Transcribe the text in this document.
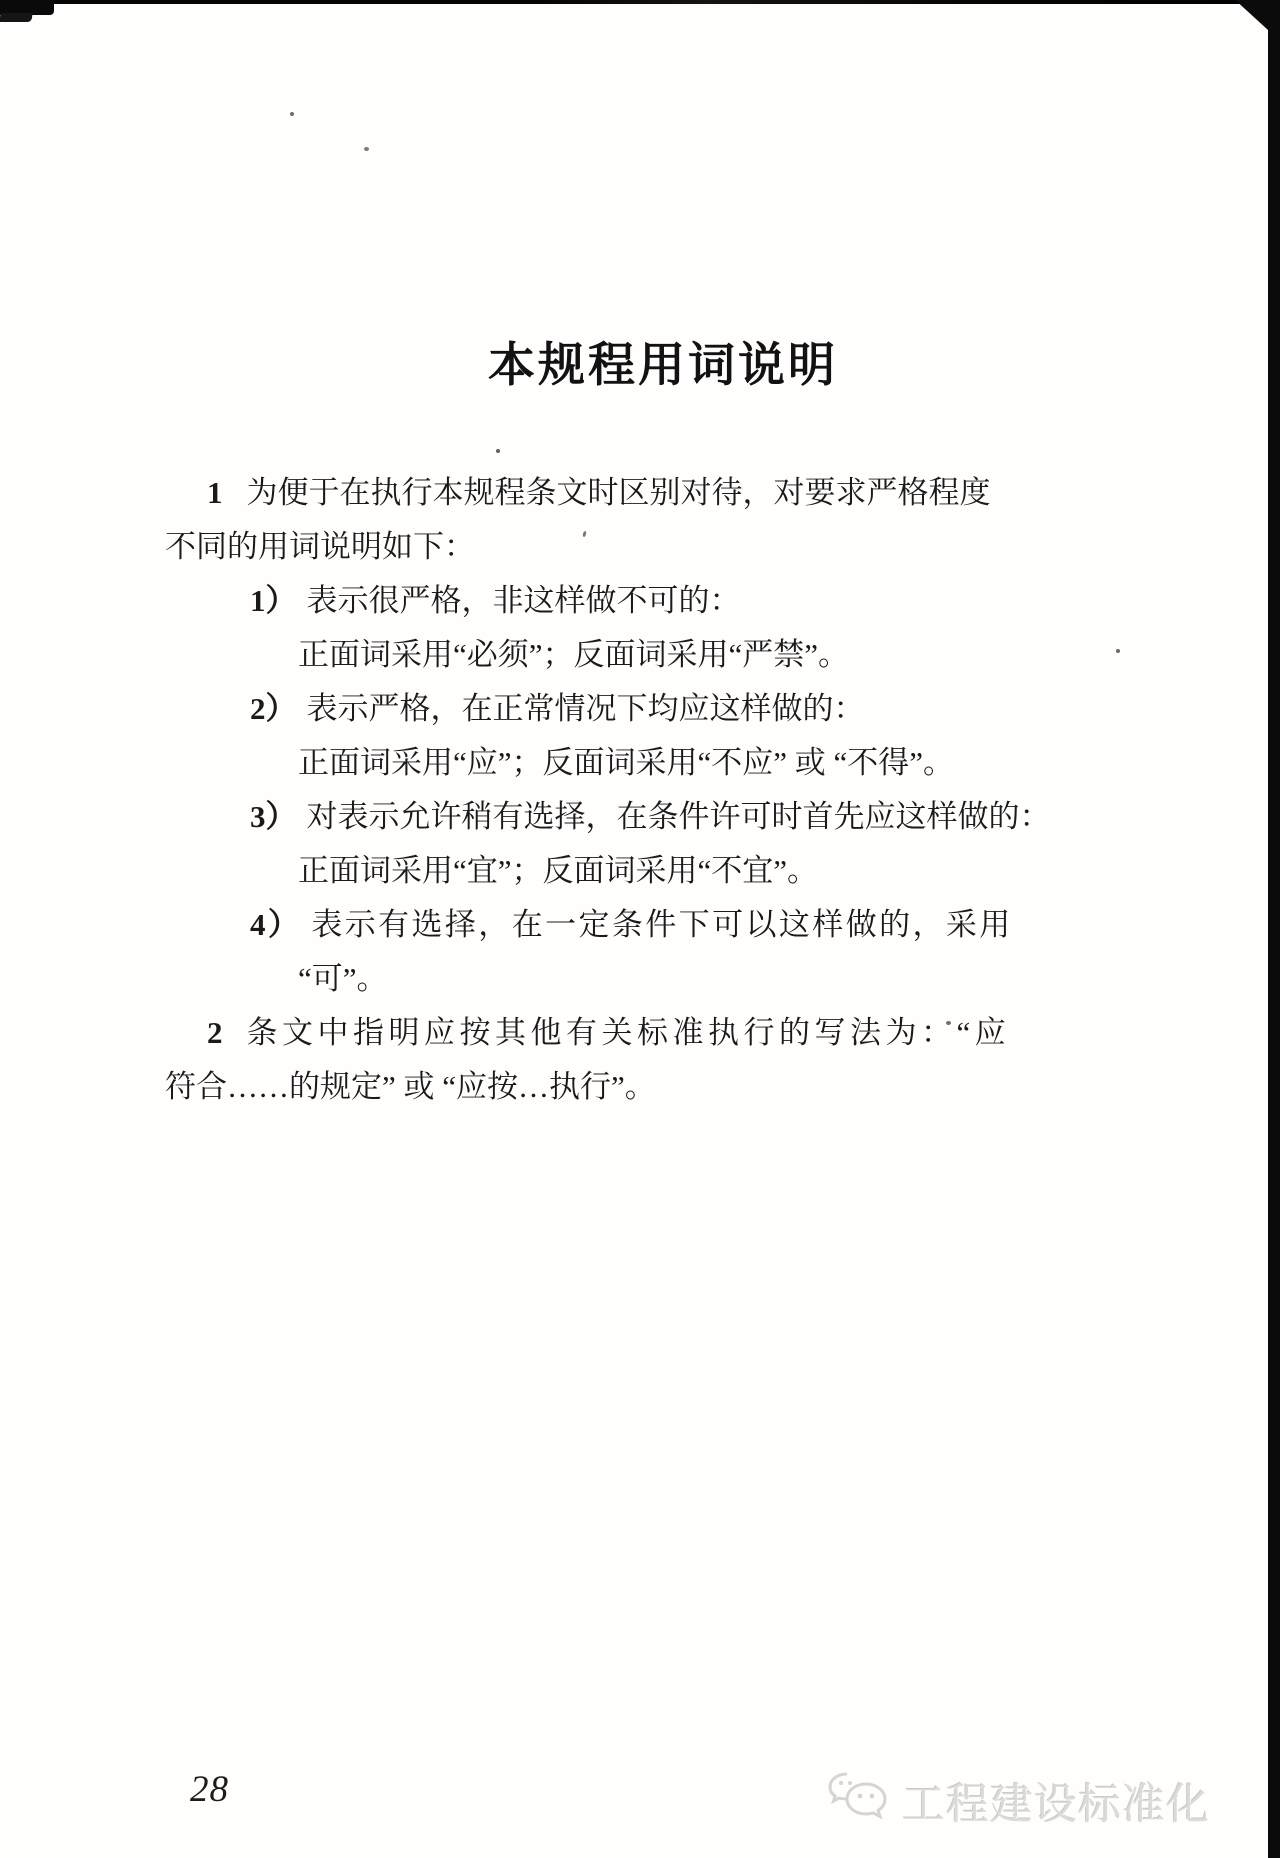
本规程用词说明
1 为便于在执行本规程条文时区别对待，对要求严格程度
不同的用词说明如下：
1） 表示很严格，非这样做不可的：
正面词采用“必须”；反面词采用“严禁”。
2） 表示严格，在正常情况下均应这样做的：
正面词采用“应”；反面词采用“不应” 或 “不得”。
3） 对表示允许稍有选择，在条件许可时首先应这样做的：
正面词采用“宜”；反面词采用“不宜”。
4） 表示有选择，在一定条件下可以这样做的，采用
“可”。
2 条文中指明应按其他有关标准执行的写法为：“应
符合……的规定” 或 “应按…执行”。
28	工程建设标准化
